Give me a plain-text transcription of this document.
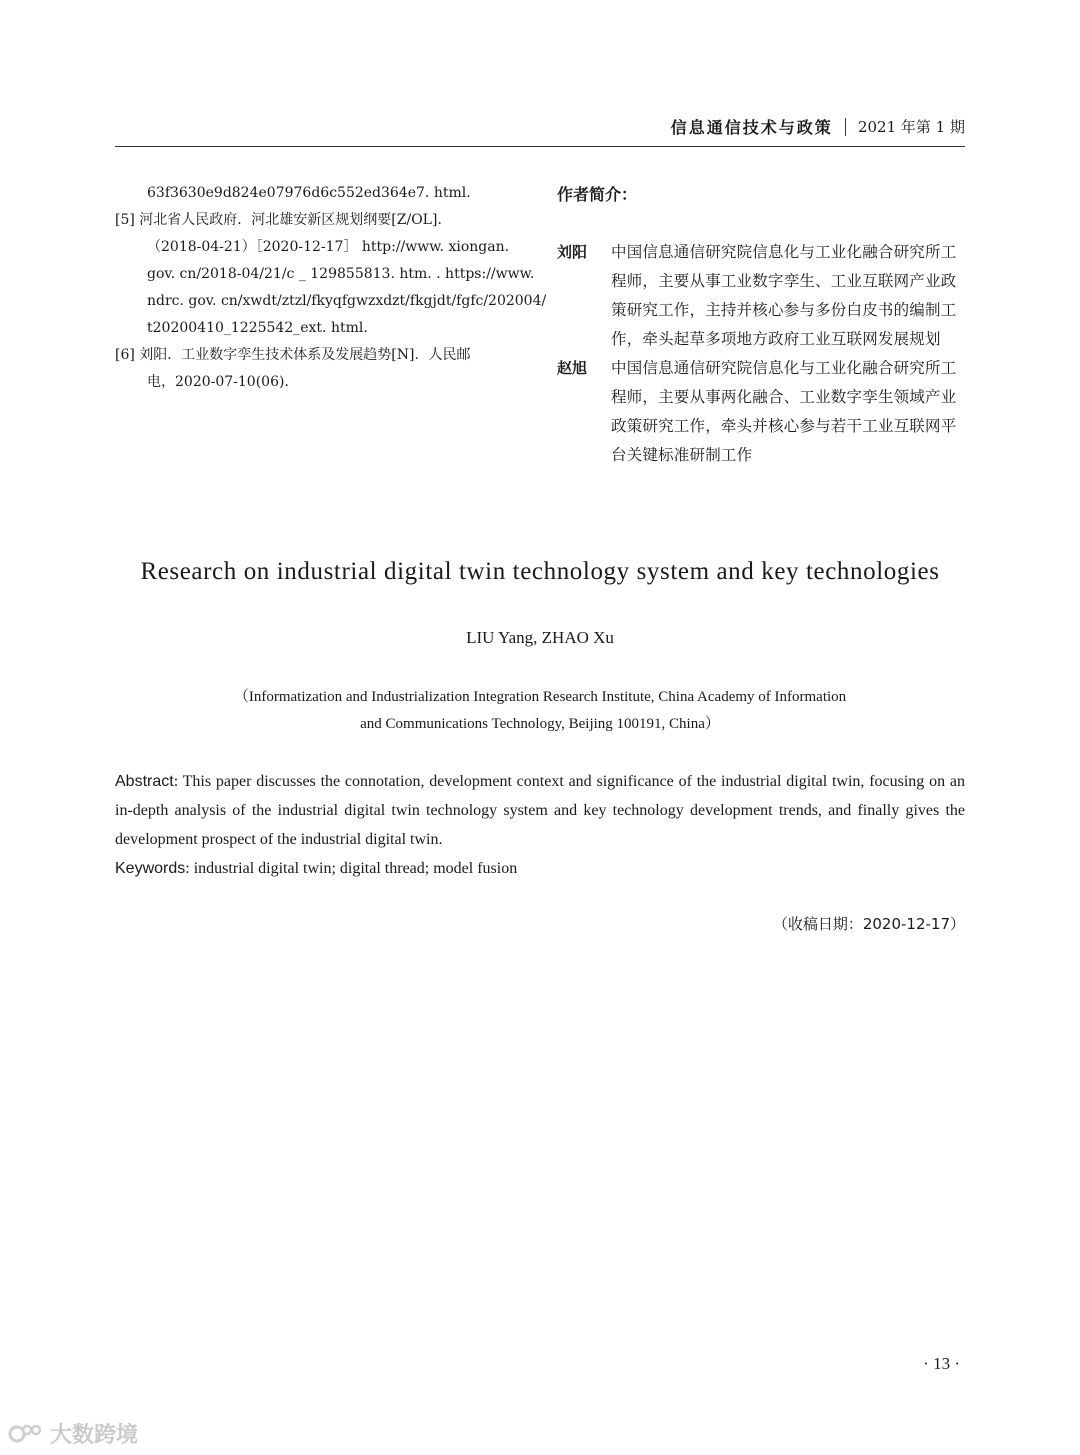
信息通信技术与政策 2021 年第 1 期
63f3630e9d824e07976d6c552ed364e7. html.
[5] 河北省人民政府．河北雄安新区规划纲要[Z/OL].
（2018-04-21）［2020-12-17］ http://www. xiongan.
gov. cn/2018-04/21/c _ 129855813. htm. . https://www.
ndrc. gov. cn/xwdt/ztzl/fkyqfgwzxdzt/fkgjdt/fgfc/202004/
t20200410_1225542_ext. html.
[6] 刘阳．工业数字孪生技术体系及发展趋势[N]．人民邮
电，2020-07-10(06).
作者简介：
刘阳	中国信息通信研究院信息化与工业化融合研究所工程师，主要从事工业数字孪生、工业互联网产业政策研究工作，主持并核心参与多份白皮书的编制工作，牵头起草多项地方政府工业互联网发展规划
赵旭	中国信息通信研究院信息化与工业化融合研究所工程师，主要从事两化融合、工业数字孪生领域产业政策研究工作，牵头并核心参与若干工业互联网平台关键标准研制工作
Research on industrial digital twin technology system and key technologies
LIU Yang, ZHAO Xu
（Informatization and Industrialization Integration Research Institute, China Academy of Information
and Communications Technology, Beijing 100191, China）
Abstract: This paper discusses the connotation, development context and significance of the industrial digital twin, focusing on an in-depth analysis of the industrial digital twin technology system and key technology development trends, and finally gives the development prospect of the industrial digital twin.
Keywords: industrial digital twin; digital thread; model fusion
（收稿日期：2020-12-17）
· 13 ·
大数跨境
